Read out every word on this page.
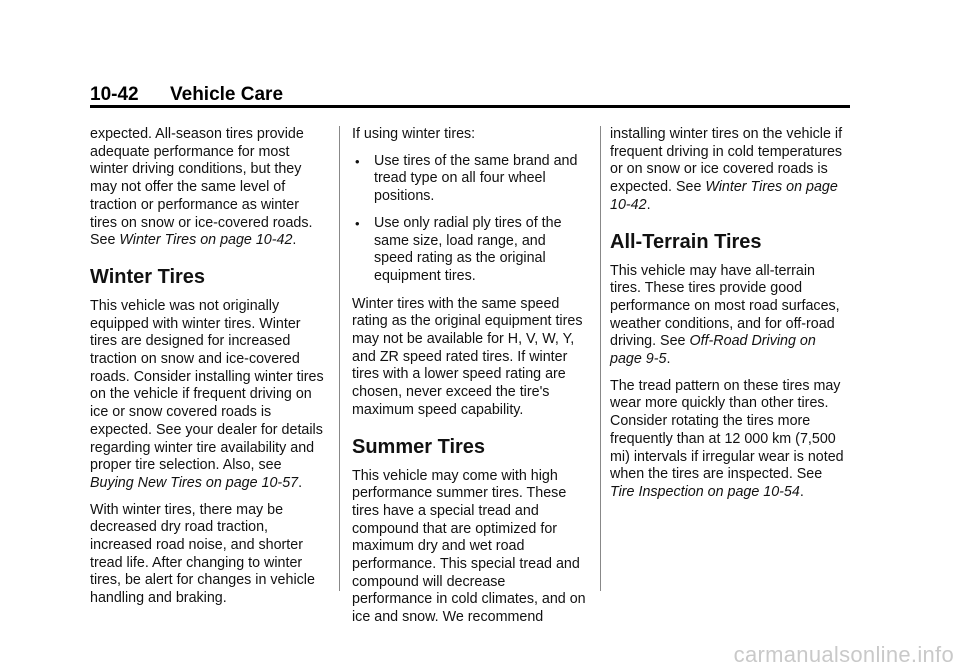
10-42 Vehicle Care

expected. All-season tires provide adequate performance for most winter driving conditions, but they may not offer the same level of traction or performance as winter tires on snow or ice-covered roads. See Winter Tires on page 10-42.

Winter Tires

This vehicle was not originally equipped with winter tires. Winter tires are designed for increased traction on snow and ice-covered roads. Consider installing winter tires on the vehicle if frequent driving on ice or snow covered roads is expected. See your dealer for details regarding winter tire availability and proper tire selection. Also, see Buying New Tires on page 10-57.

With winter tires, there may be decreased dry road traction, increased road noise, and shorter tread life. After changing to winter tires, be alert for changes in vehicle handling and braking.

If using winter tires:

• Use tires of the same brand and tread type on all four wheel positions.
• Use only radial ply tires of the same size, load range, and speed rating as the original equipment tires.

Winter tires with the same speed rating as the original equipment tires may not be available for H, V, W, Y, and ZR speed rated tires. If winter tires with a lower speed rating are chosen, never exceed the tire's maximum speed capability.

Summer Tires

This vehicle may come with high performance summer tires. These tires have a special tread and compound that are optimized for maximum dry and wet road performance. This special tread and compound will decrease performance in cold climates, and on ice and snow. We recommend

installing winter tires on the vehicle if frequent driving in cold temperatures or on snow or ice covered roads is expected. See Winter Tires on page 10-42.

All-Terrain Tires

This vehicle may have all-terrain tires. These tires provide good performance on most road surfaces, weather conditions, and for off-road driving. See Off-Road Driving on page 9-5.

The tread pattern on these tires may wear more quickly than other tires. Consider rotating the tires more frequently than at 12 000 km (7,500 mi) intervals if irregular wear is noted when the tires are inspected. See Tire Inspection on page 10-54.

carmanualsonline.info
